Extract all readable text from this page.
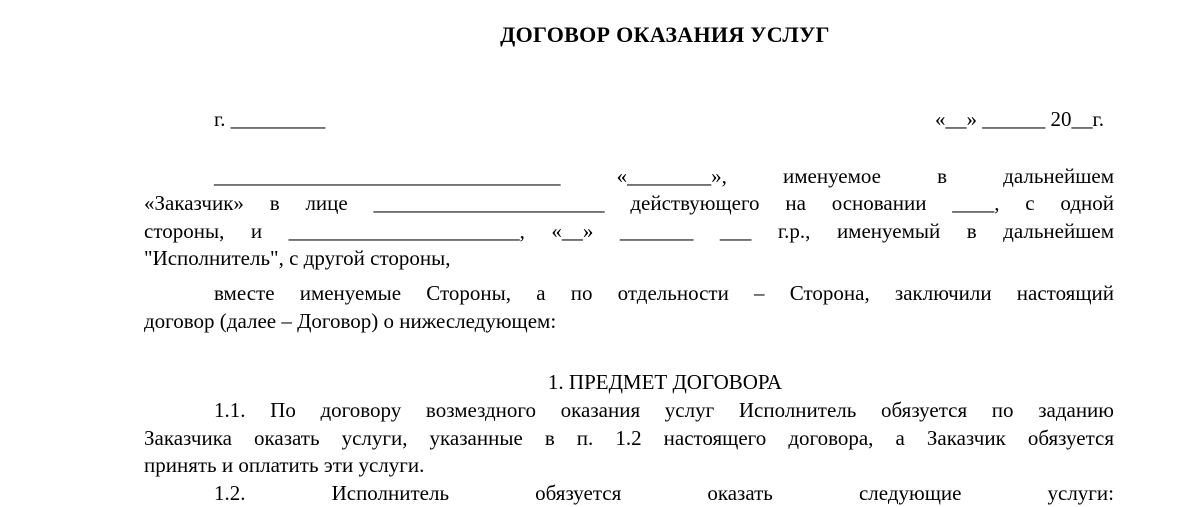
ДОГОВОР ОКАЗАНИЯ УСЛУГ
г. _________	«__» ______ 20__г.
_________________________________ «________», именуемое в дальнейшем
«Заказчик» в лице ______________________ действующего на основании ____, с одной
стороны, и ______________________, «__» _______ ___ г.р., именуемый в дальнейшем
"Исполнитель", с другой стороны,
вместе именуемые Стороны, а по отдельности – Сторона, заключили настоящий
договор (далее – Договор) о нижеследующем:
1. ПРЕДМЕТ ДОГОВОРА
1.1. По договору возмездного оказания услуг Исполнитель обязуется по заданию
Заказчика оказать услуги, указанные в п. 1.2 настоящего договора, а Заказчик обязуется
принять и оплатить эти услуги.
1.2. Исполнитель обязуется оказать следующие услуги:
